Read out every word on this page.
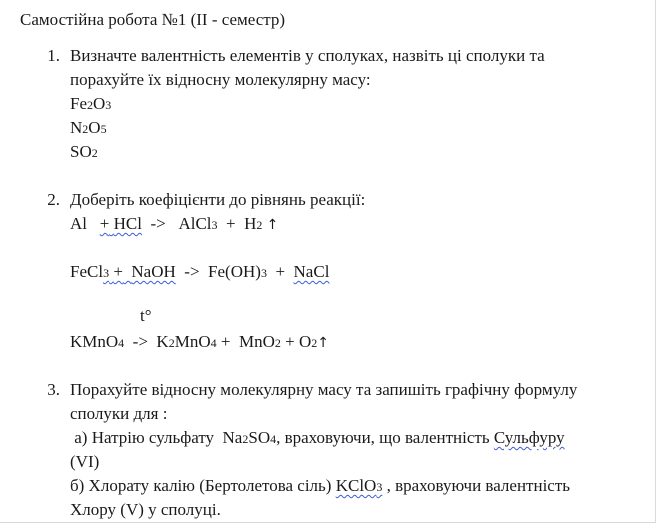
Самостійна робота №1 (ІІ - семестр)
1. Визначте валентність елементів у сполуках, назвіть ці сполуки та
порахуйте їх відносну молекулярну масу:
Fe2O3
N2O5
SO2
2. Доберіть коефіцієнти до рівнянь реакції:
Al + HCl -> AlCl3 + H2 ↑
FeCl3 + NaOH -> Fe(OH)3 + NaCl
t°
KMnO4 -> K2MnO4 + MnO2 + O2↑
3. Порахуйте відносну молекулярну масу та запишіть графічну формулу
сполуки для :
а) Натрію сульфату  Na2SO4, враховуючи, що валентність Сульфуру
(VI)
б) Хлорату калію (Бертолетова сіль) KClO3 , враховуючи валентність
Хлору (V) у сполуці.
